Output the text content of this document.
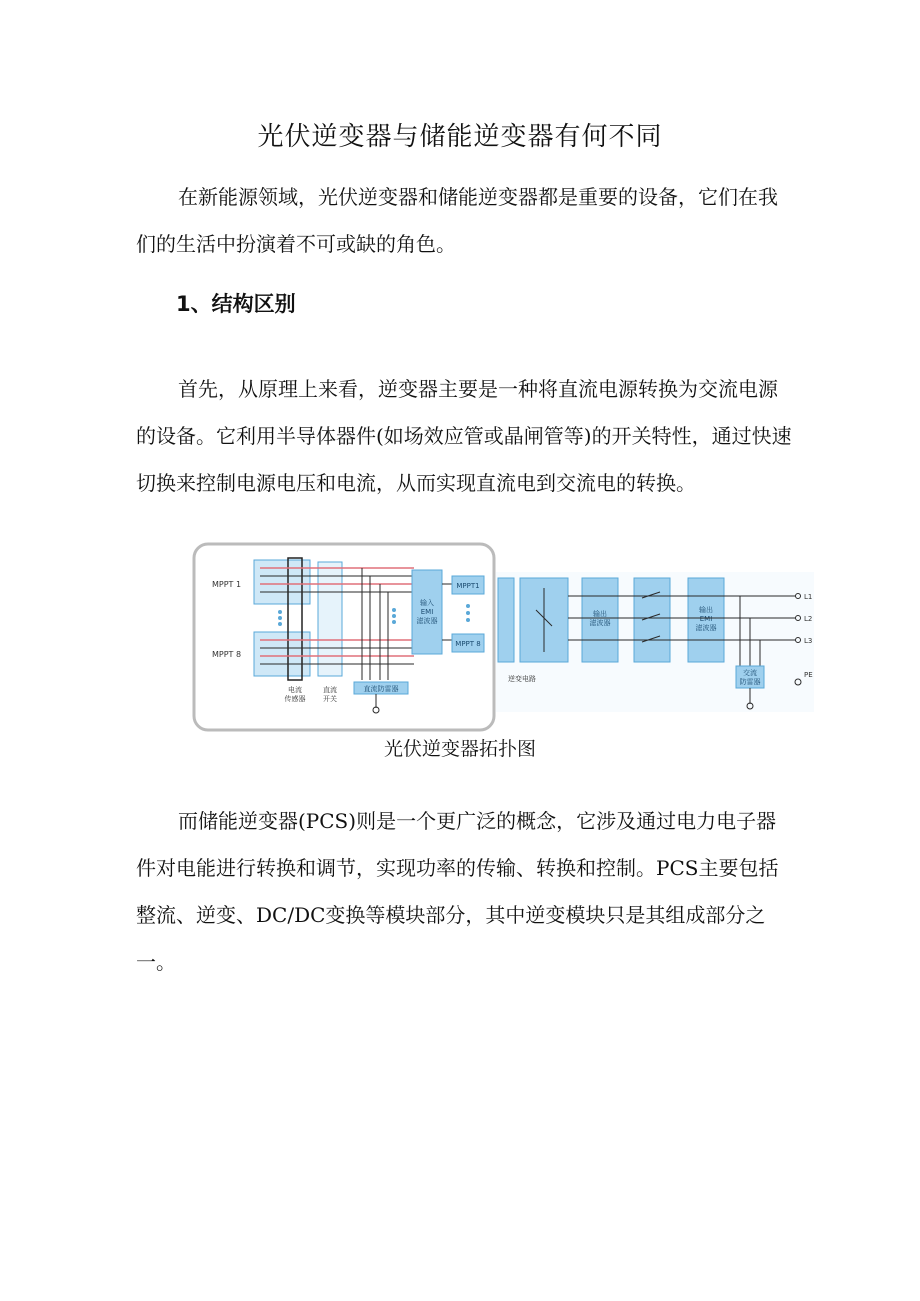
光伏逆变器与储能逆变器有何不同

在新能源领域，光伏逆变器和储能逆变器都是重要的设备，它们在我们的生活中扮演着不可或缺的角色。

1、结构区别

首先，从原理上来看，逆变器主要是一种将直流电源转换为交流电源的设备。它利用半导体器件(如场效应管或晶闸管等)的开关特性，通过快速切换来控制电源电压和电流，从而实现直流电到交流电的转换。

MPPT 1
MPPT 8
直流防雷器
电流
传感器
直流
开关
输入
EMI
滤波器
MPPT1
MPPT 8
逆变电路
输出
滤波器
输出
EMI
滤波器
L1
L2
L3
交流
防雷器
PE
光伏逆变器拓扑图

而储能逆变器(PCS)则是一个更广泛的概念，它涉及通过电力电子器件对电能进行转换和调节，实现功率的传输、转换和控制。PCS主要包括整流、逆变、DC/DC变换等模块部分，其中逆变模块只是其组成部分之一。
